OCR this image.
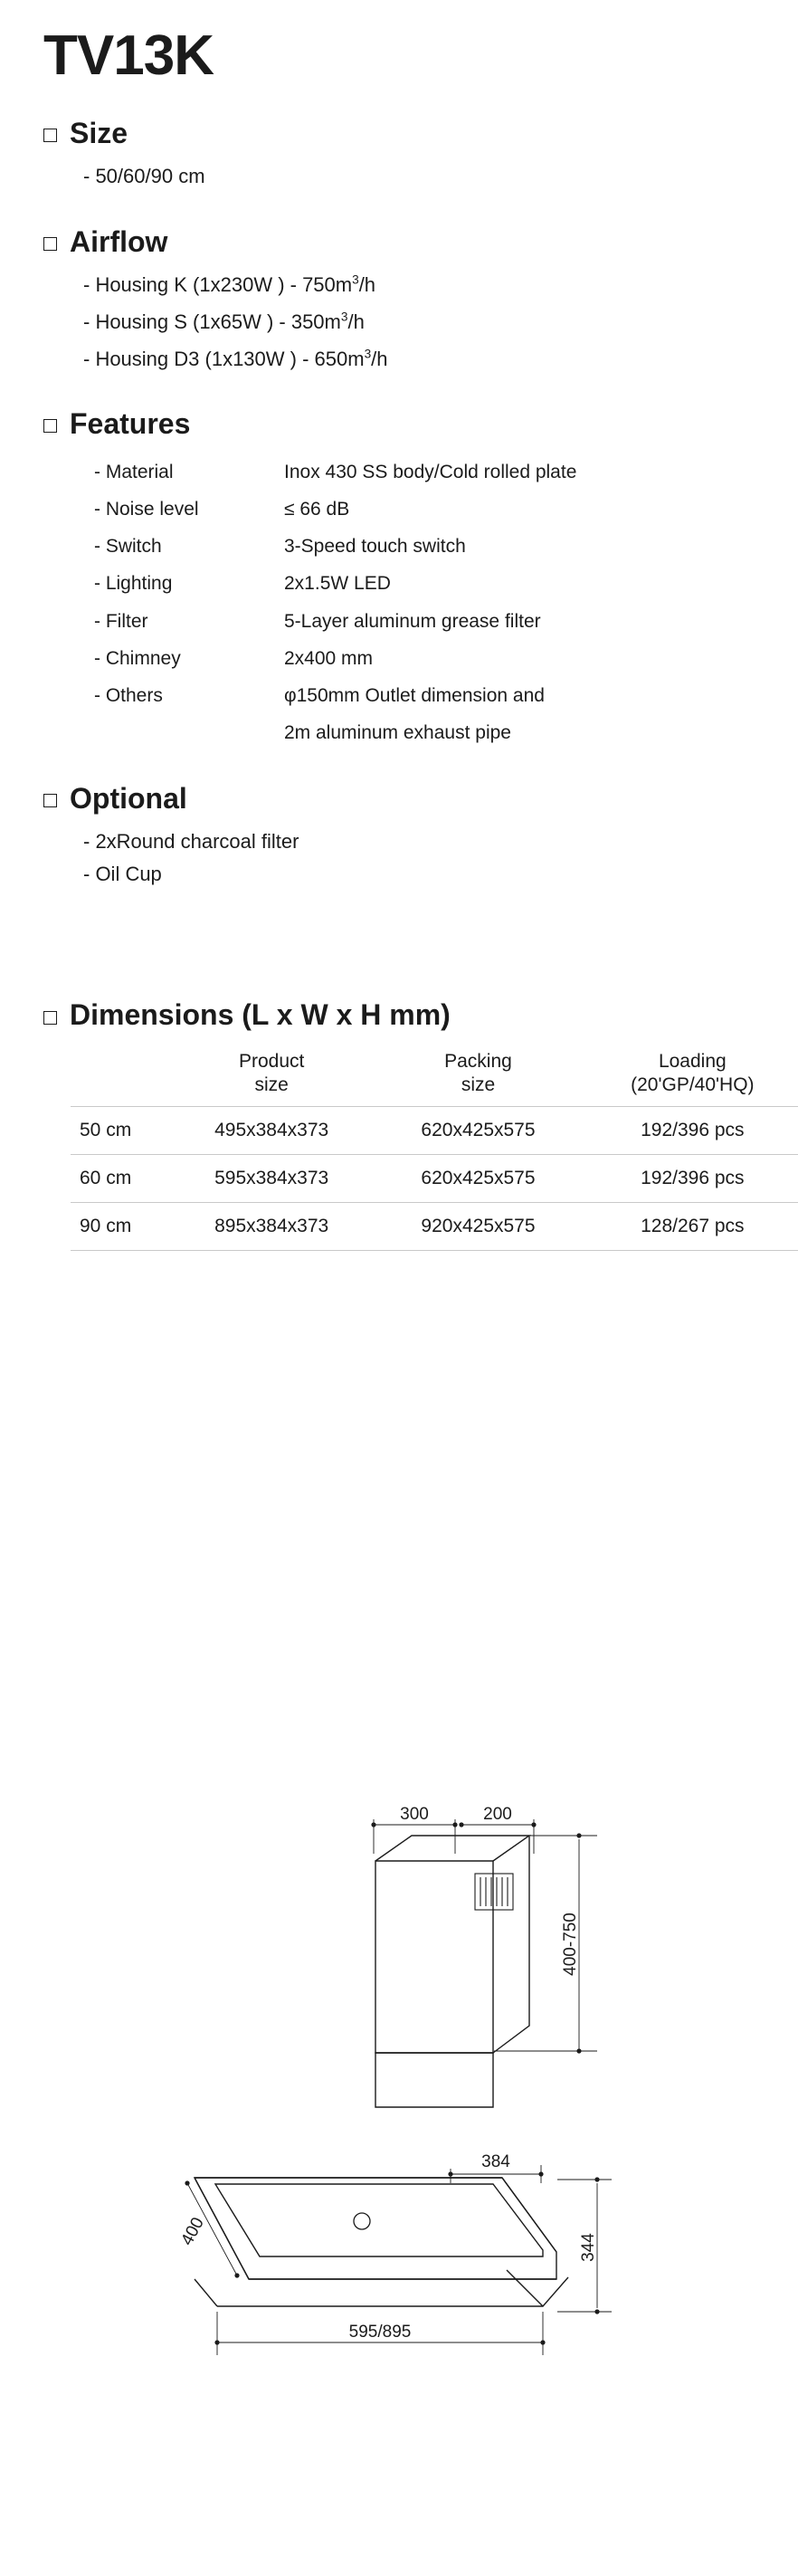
TV13K
Size
- 50/60/90 cm
Airflow
- Housing K (1x230W ) - $750m^3/h$
- Housing S (1x65W ) - $350m^3/h$
- Housing D3 (1x130W ) - $650m^3/h$
Features
- Material	Inox 430 SS body/Cold rolled plate
- Noise level	≤ 66 dB
- Switch	3-Speed touch switch
- Lighting	2x1.5W LED
- Filter	5-Layer aluminum grease filter
- Chimney	2x400 mm
- Others	φ150mm Outlet dimension and
	2m aluminum exhaust pipe
Optional
- 2xRound charcoal filter
- Oil Cup
Dimensions (L x W x H mm)

Product
size

Packing
size

Loading
(20'GP/40'HQ)

50 cm	495x384x373	620x425x575	192/396 pcs
60 cm	595x384x373	620x425x575	192/396 pcs
90 cm	895x384x373	920x425x575	128/267 pcs
300	200
400-750
384
400	344
595/895
